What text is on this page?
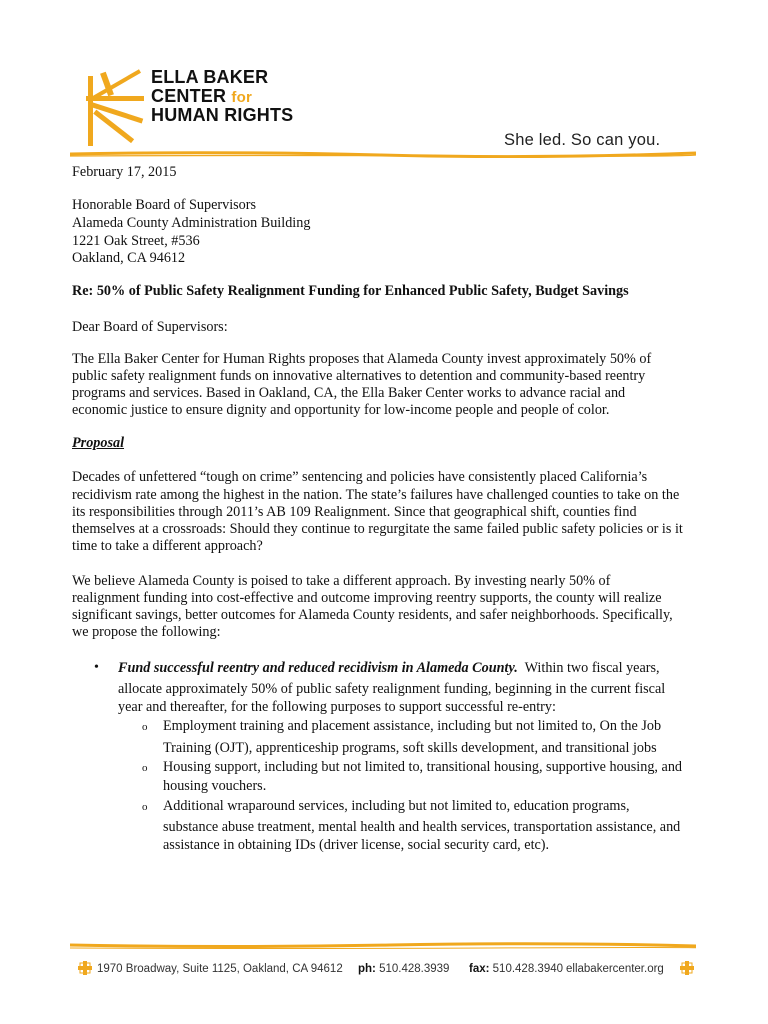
ELLA BAKER
CENTER for
HUMAN RIGHTS
She led. So can you.
February 17, 2015
Honorable Board of Supervisors
Alameda County Administration Building
1221 Oak Street, #536
Oakland, CA 94612
Re: 50% of Public Safety Realignment Funding for Enhanced Public Safety, Budget Savings
Dear Board of Supervisors:
The Ella Baker Center for Human Rights proposes that Alameda County invest approximately 50% of
public safety realignment funds on innovative alternatives to detention and community-based reentry
programs and services. Based in Oakland, CA, the Ella Baker Center works to advance racial and
economic justice to ensure dignity and opportunity for low-income people and people of color.
Proposal
Decades of unfettered “tough on crime” sentencing and policies have consistently placed California’s
recidivism rate among the highest in the nation. The state’s failures have challenged counties to take on the
its responsibilities through 2011’s AB 109 Realignment. Since that geographical shift, counties find
themselves at a crossroads: Should they continue to regurgitate the same failed public safety policies or is it
time to take a different approach?
We believe Alameda County is poised to take a different approach. By investing nearly 50% of
realignment funding into cost-effective and outcome improving reentry supports, the county will realize
significant savings, better outcomes for Alameda County residents, and safer neighborhoods. Specifically,
we propose the following:
• Fund successful reentry and reduced recidivism in Alameda County. Within two fiscal years,
allocate approximately 50% of public safety realignment funding, beginning in the current fiscal
year and thereafter, for the following purposes to support successful re-entry:
o Employment training and placement assistance, including but not limited to, On the Job
Training (OJT), apprenticeship programs, soft skills development, and transitional jobs
o Housing support, including but not limited to, transitional housing, supportive housing, and
housing vouchers.
o Additional wraparound services, including but not limited to, education programs,
substance abuse treatment, mental health and health services, transportation assistance, and
assistance in obtaining IDs (driver license, social security card, etc).
1970 Broadway, Suite 1125, Oakland, CA 94612 ph: 510.428.3939 fax: 510.428.3940 ellabakercenter.org
